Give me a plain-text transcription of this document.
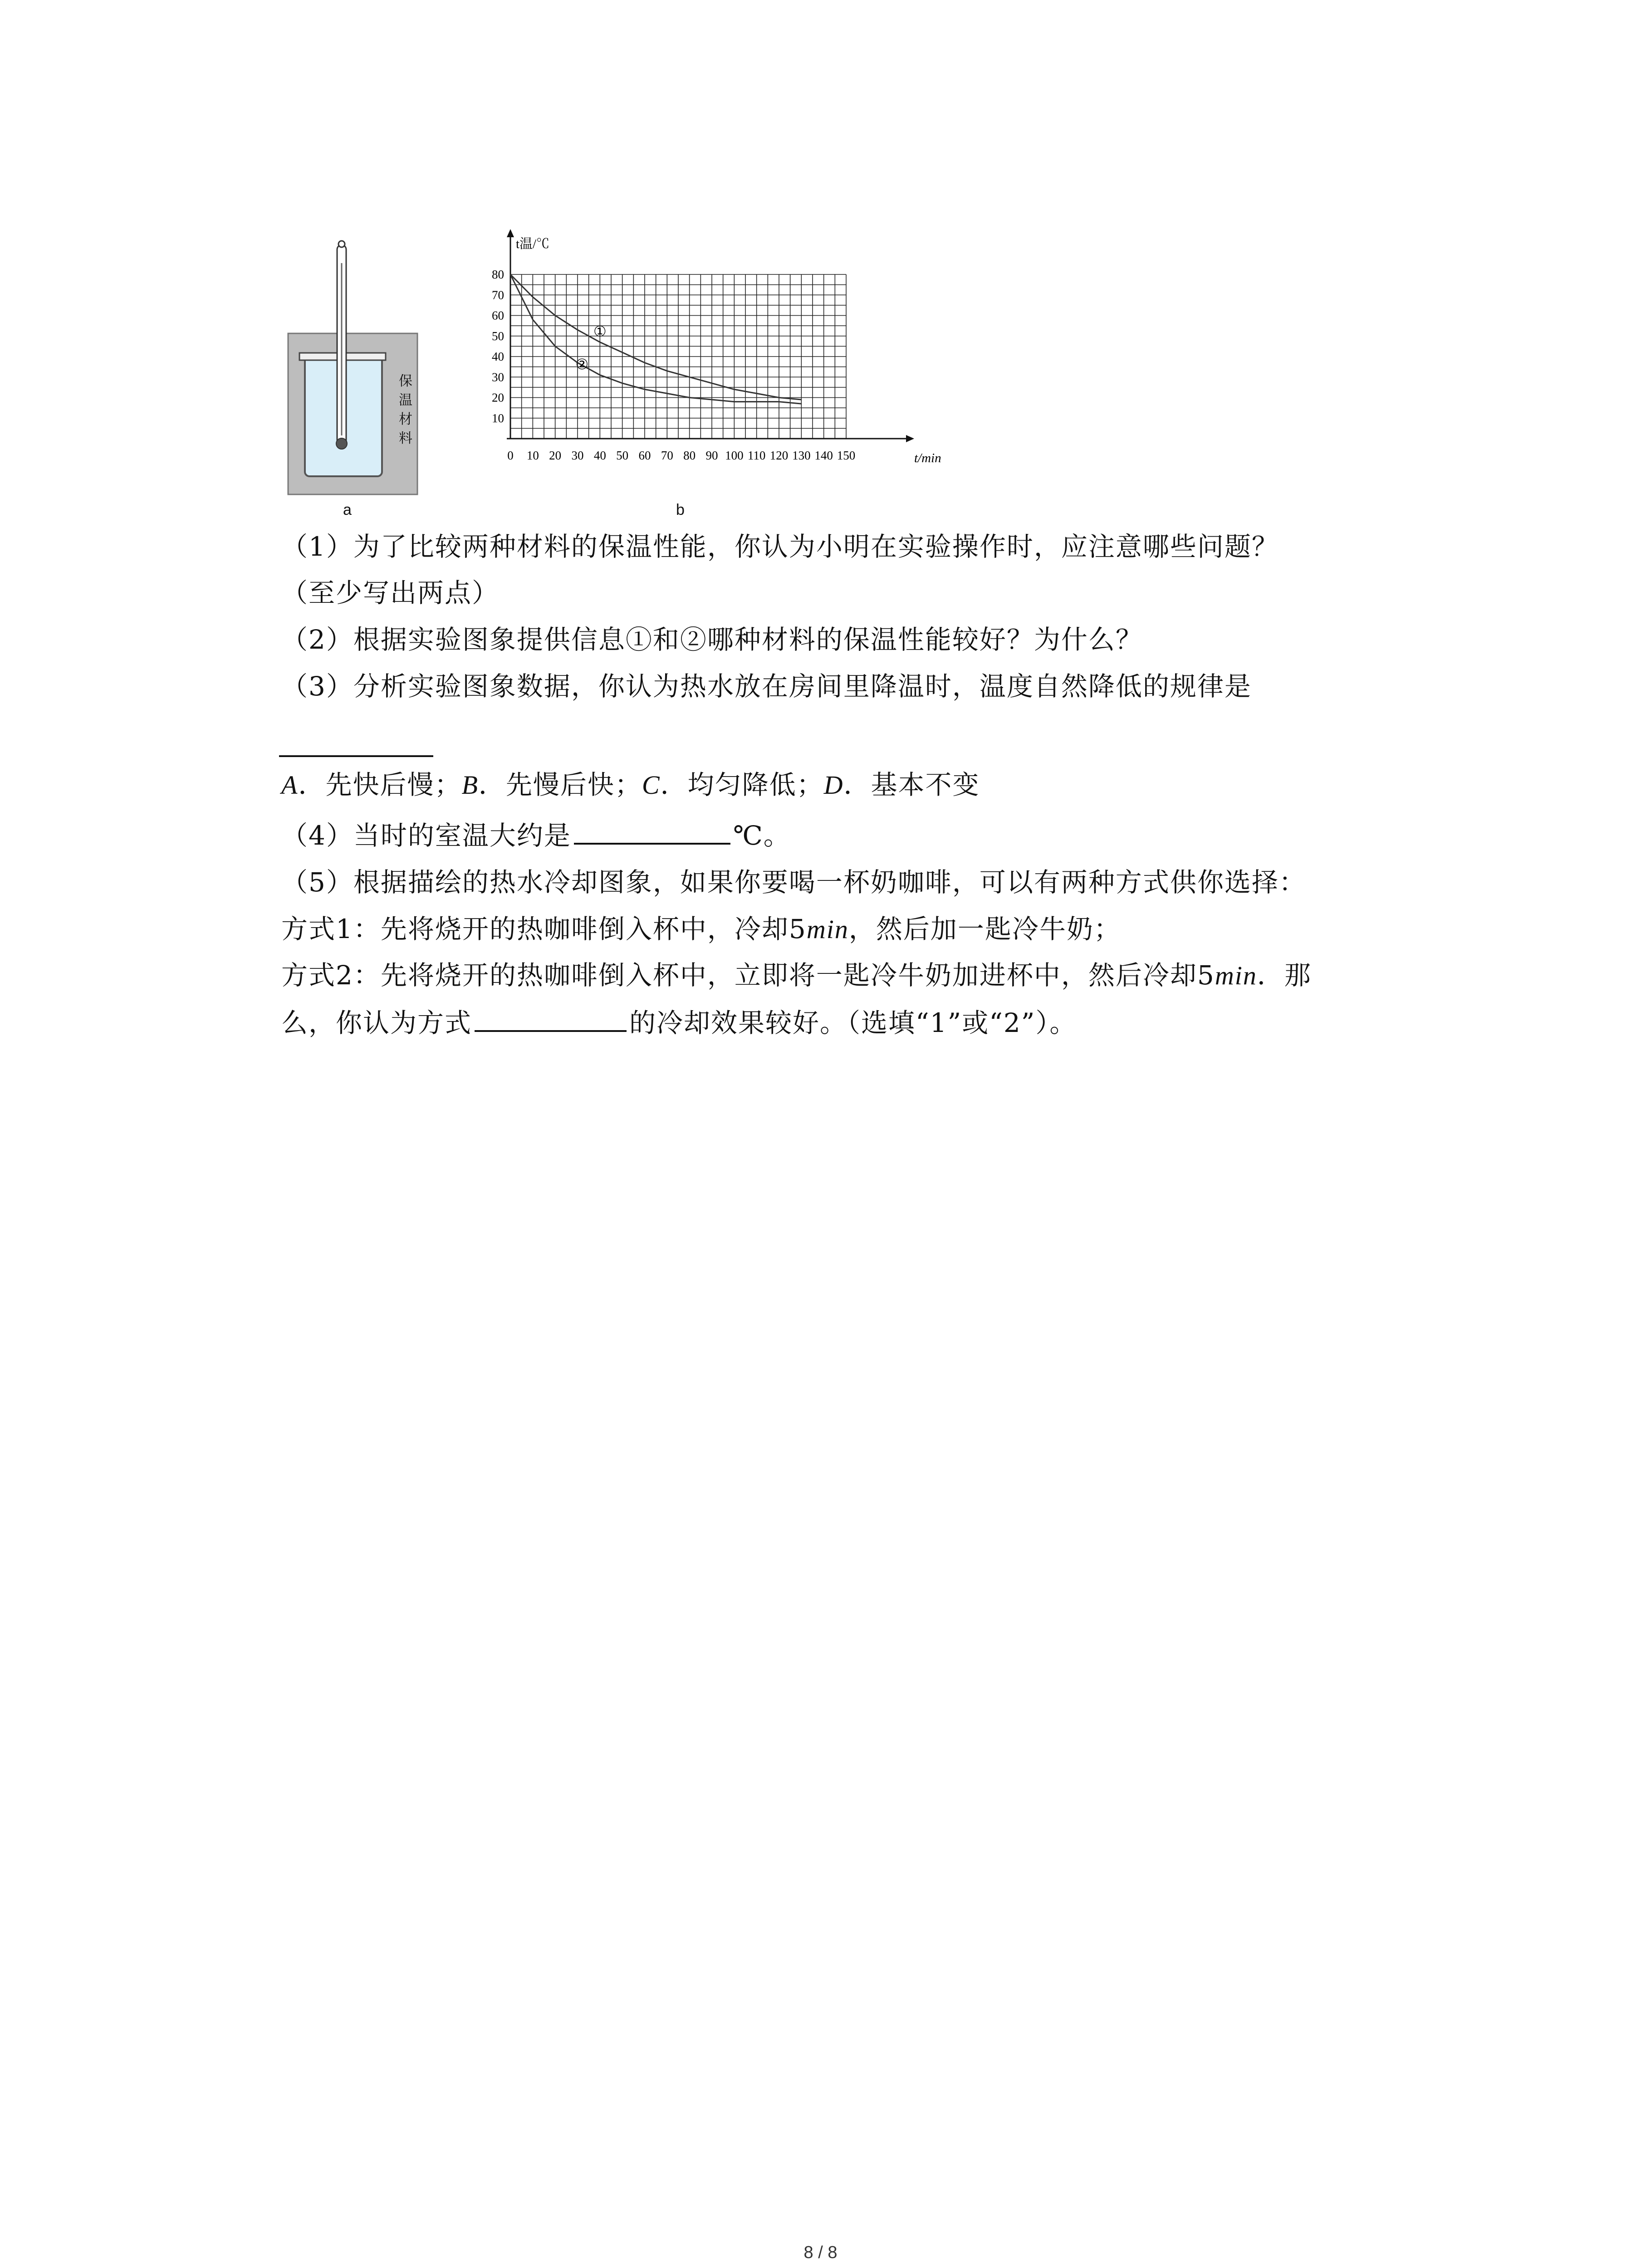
保温材料
a
10
20
30
40
50
60
70
80
0 10 20 30 40 50 60 70 80 90 100 110 120 130 140 150
t温/℃
t/min
①
②
b
（1）为了比较两种材料的保温性能，你认为小明在实验操作时，应注意哪些问题？
（至少写出两点）
（2）根据实验图象提供信息①和②哪种材料的保温性能较好？为什么？
（3）分析实验图象数据，你认为热水放在房间里降温时，温度自然降低的规律是
A．先快后慢；B．先慢后快；C．均匀降低；D．基本不变
（4）当时的室温大约是	℃。
（5）根据描绘的热水冷却图象，如果你要喝一杯奶咖啡，可以有两种方式供你选择：
方式1：先将烧开的热咖啡倒入杯中，冷却5min，然后加一匙冷牛奶；
方式2：先将烧开的热咖啡倒入杯中，立即将一匙冷牛奶加进杯中，然后冷却5min．那
么，你认为方式	的冷却效果较好。（选填“1”或“2”）。
8 / 8
